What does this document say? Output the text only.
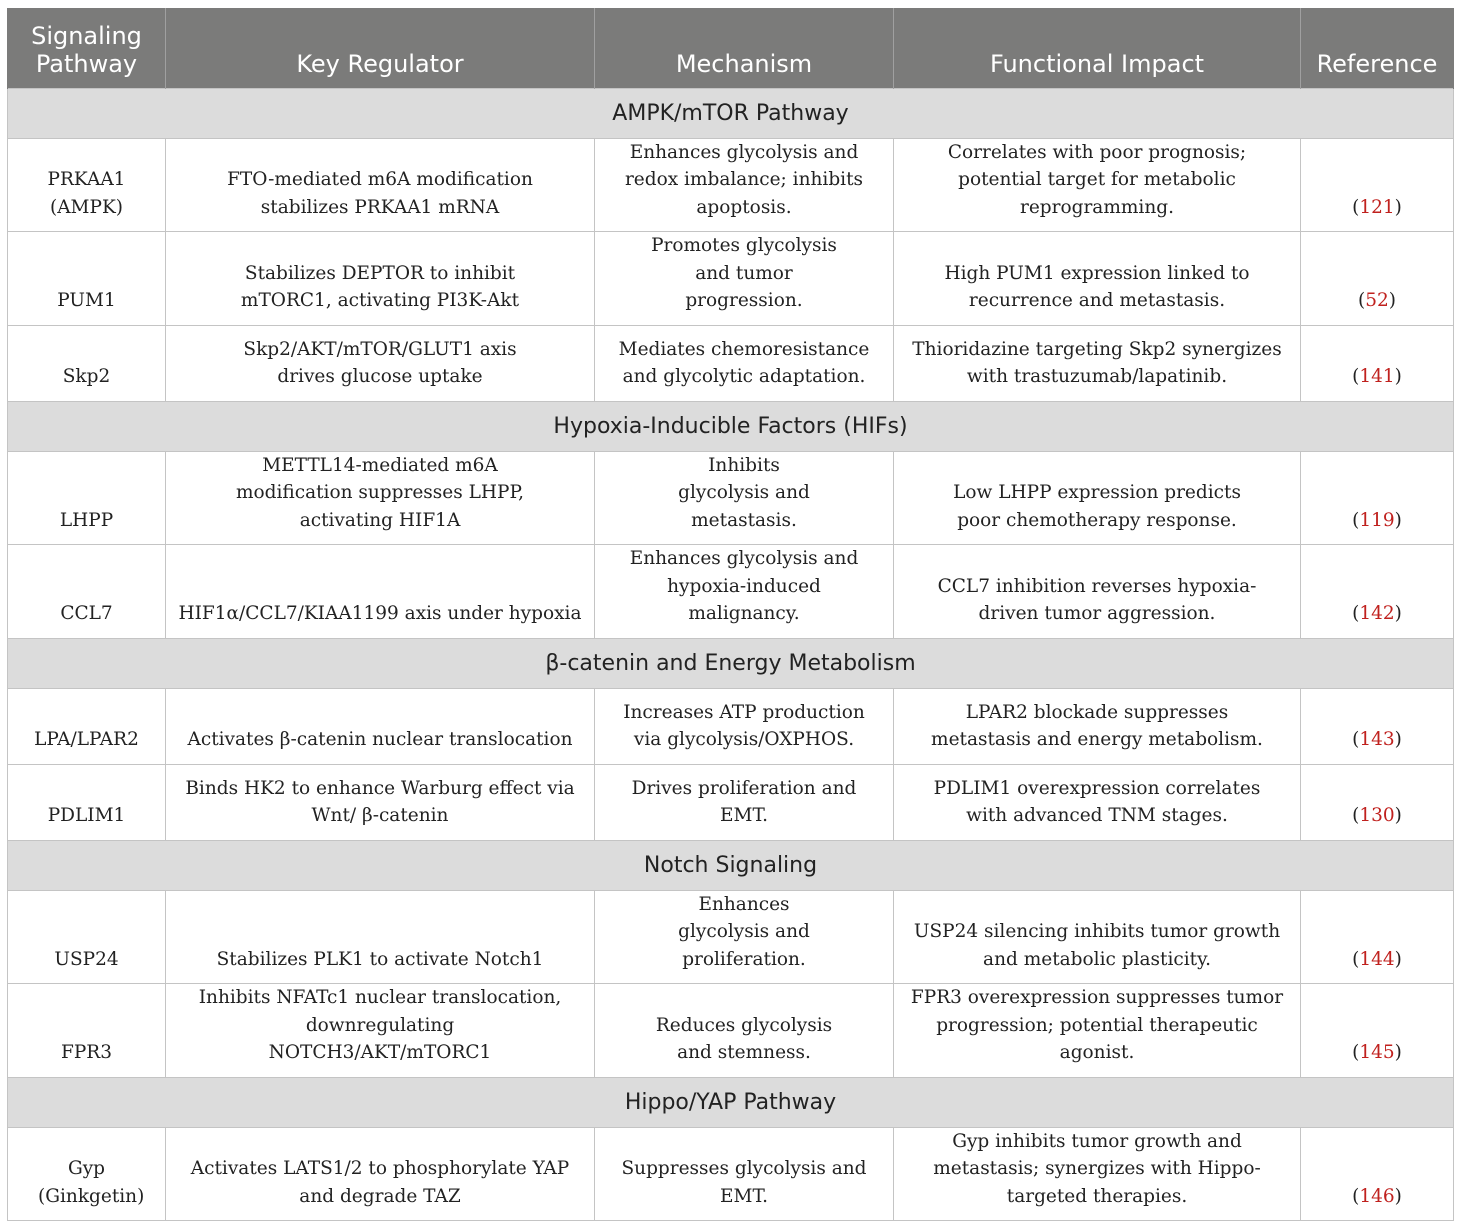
Signaling Pathway	Key Regulator	Mechanism	Functional Impact	Reference
AMPK/mTOR Pathway				
PRKAA1 (AMPK)	FTO-mediated m6A modification stabilizes PRKAA1 mRNA	Enhances glycolysis and redox imbalance; inhibits apoptosis.	Correlates with poor prognosis; potential target for metabolic reprogramming.	(121)
PUM1	Stabilizes DEPTOR to inhibit mTORC1, activating PI3K-Akt	Promotes glycolysis and tumor progression.	High PUM1 expression linked to recurrence and metastasis.	(52)
Skp2	Skp2/AKT/mTOR/GLUT1 axis drives glucose uptake	Mediates chemoresistance and glycolytic adaptation.	Thioridazine targeting Skp2 synergizes with trastuzumab/lapatinib.	(141)
Hypoxia-Inducible Factors (HIFs)				
LHPP	METTL14-mediated m6A modification suppresses LHPP, activating HIF1A	Inhibits glycolysis and metastasis.	Low LHPP expression predicts poor chemotherapy response.	(119)
CCL7	HIF1α/CCL7/KIAA1199 axis under hypoxia	Enhances glycolysis and hypoxia-induced malignancy.	CCL7 inhibition reverses hypoxia-driven tumor aggression.	(142)
β-catenin and Energy Metabolism				
LPA/LPAR2	Activates β-catenin nuclear translocation	Increases ATP production via glycolysis/OXPHOS.	LPAR2 blockade suppresses metastasis and energy metabolism.	(143)
PDLIM1	Binds HK2 to enhance Warburg effect via Wnt/ β-catenin	Drives proliferation and EMT.	PDLIM1 overexpression correlates with advanced TNM stages.	(130)
Notch Signaling				
USP24	Stabilizes PLK1 to activate Notch1	Enhances glycolysis and proliferation.	USP24 silencing inhibits tumor growth and metabolic plasticity.	(144)
FPR3	Inhibits NFATc1 nuclear translocation, downregulating NOTCH3/AKT/mTORC1	Reduces glycolysis and stemness.	FPR3 overexpression suppresses tumor progression; potential therapeutic agonist.	(145)
Hippo/YAP Pathway				
Gyp (Ginkgetin)	Activates LATS1/2 to phosphorylate YAP and degrade TAZ	Suppresses glycolysis and EMT.	Gyp inhibits tumor growth and metastasis; synergizes with Hippo-targeted therapies.	(146)
